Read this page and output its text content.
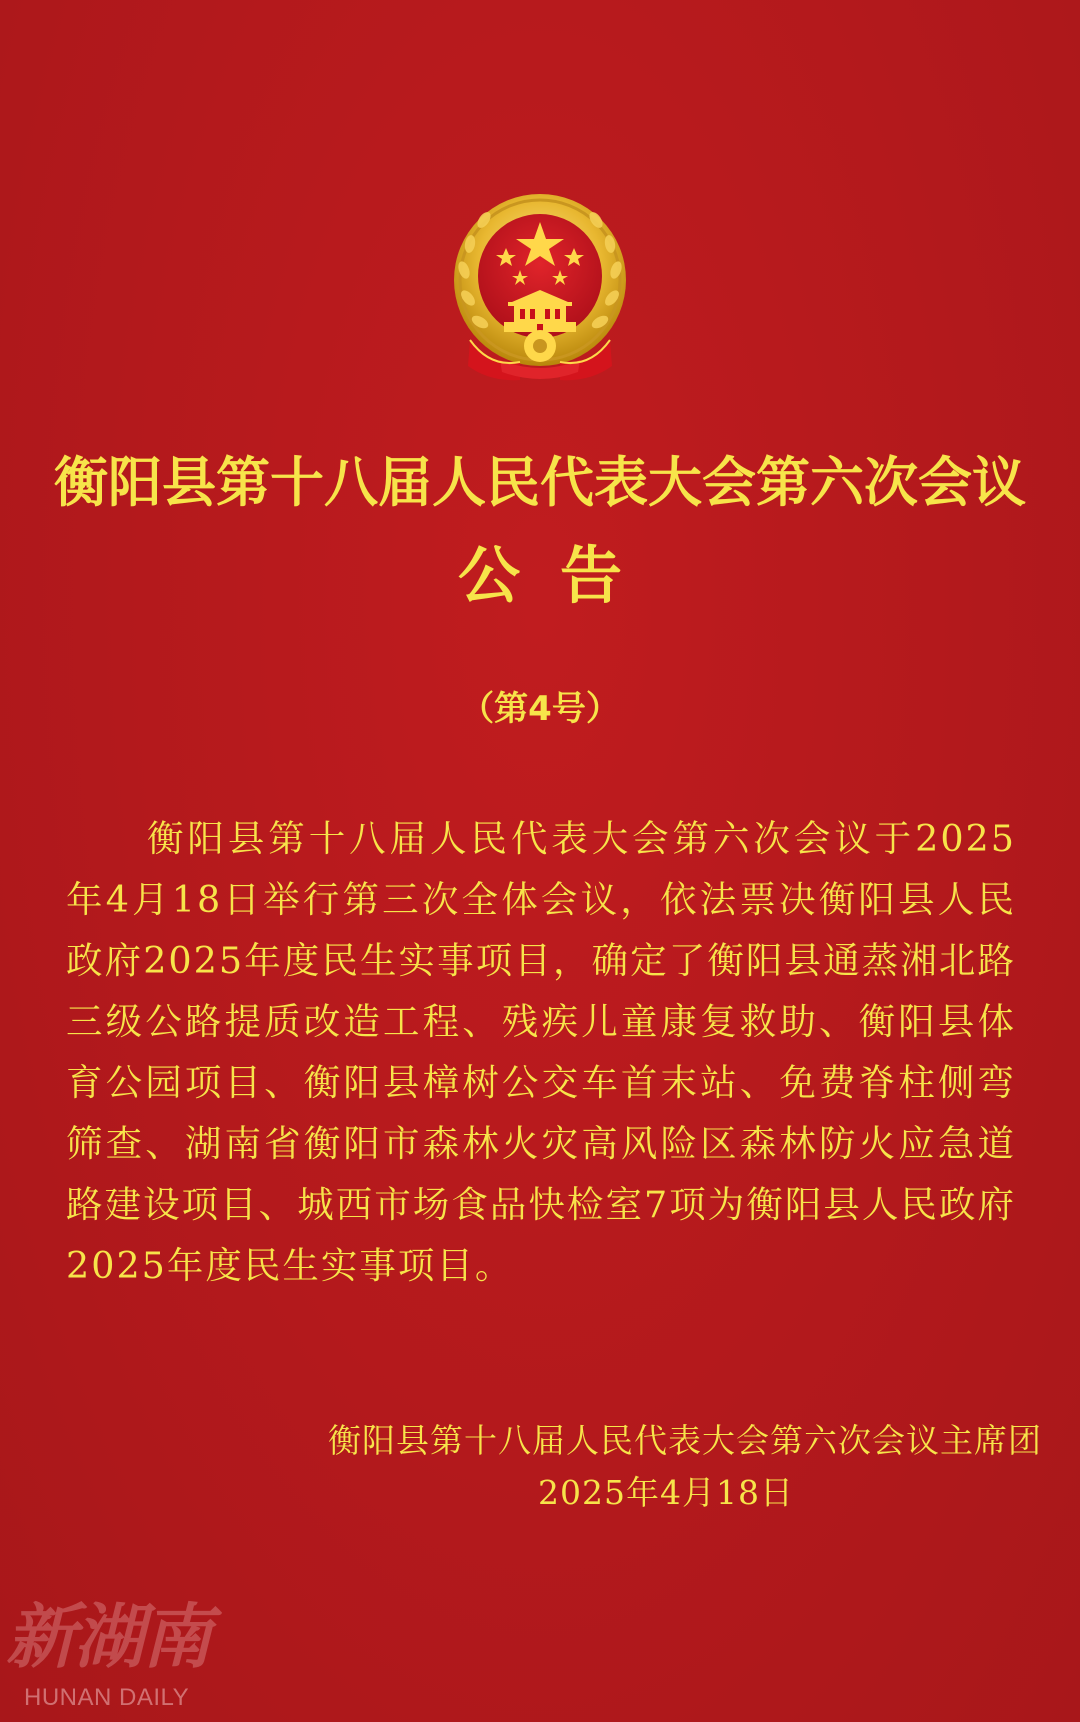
衡阳县第十八届人民代表大会第六次会议
公告
（第4号）

衡阳县第十八届人民代表大会第六次会议于2025年4月18日举行第三次全体会议，依法票决衡阳县人民政府2025年度民生实事项目，确定了衡阳县通蒸湘北路三级公路提质改造工程、残疾儿童康复救助、衡阳县体育公园项目、衡阳县樟树公交车首末站、免费脊柱侧弯筛查、湖南省衡阳市森林火灾高风险区森林防火应急道路建设项目、城西市场食品快检室7项为衡阳县人民政府2025年度民生实事项目。

衡阳县第十八届人民代表大会第六次会议主席团
2025年4月18日
新湖南
HUNAN DAILY
